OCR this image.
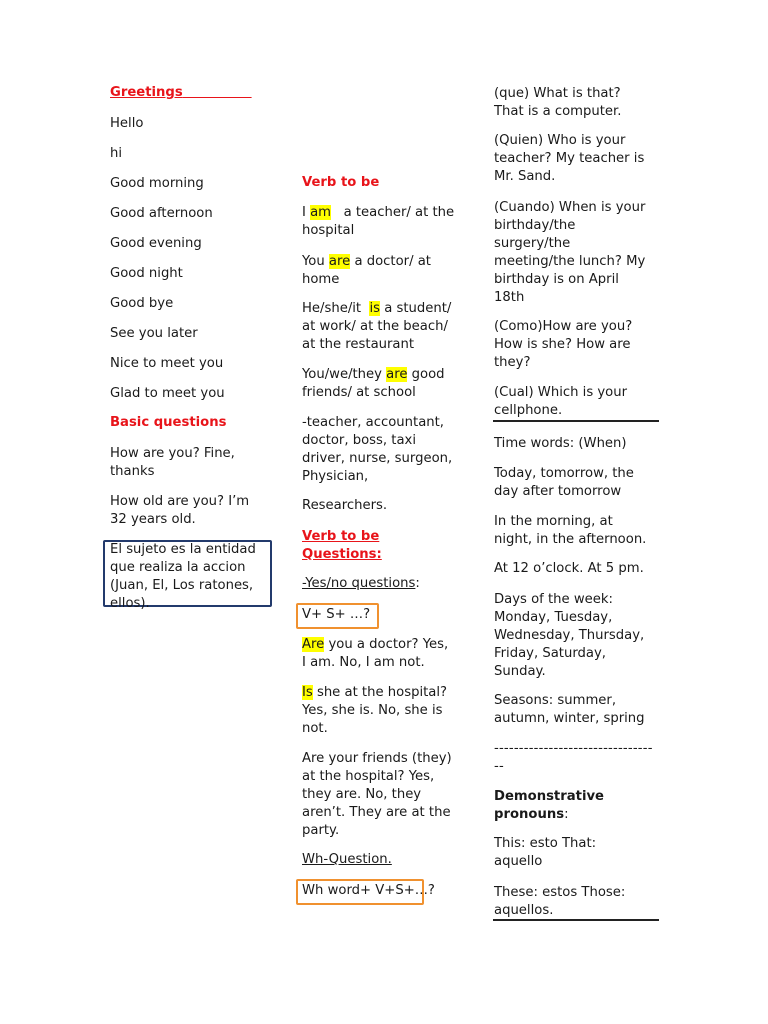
Greetings
Hello
hi
Good morning
Good afternoon
Good evening
Good night
Good bye
See you later
Nice to meet you
Glad to meet you
Basic questions
How are you? Fine,
thanks
How old are you? I’m
32 years old.
El sujeto es la entidad
que realiza la accion
(Juan, El, Los ratones,
ellos).
Verb to be
I am   a teacher/ at the
hospital
You are a doctor/ at
home
He/she/it  is a student/
at work/ at the beach/
at the restaurant
You/we/they are good
friends/ at school
-teacher, accountant,
doctor, boss, taxi
driver, nurse, surgeon,
Physician,
Researchers.
Verb to be
Questions:
-Yes/no questions:
V+ S+ …?
Are you a doctor? Yes,
I am. No, I am not.
Is she at the hospital?
Yes, she is. No, she is
not.
Are your friends (they)
at the hospital? Yes,
they are. No, they
aren’t. They are at the
party.
Wh-Question.
Wh word+ V+S+…?
(que) What is that?
That is a computer.
(Quien) Who is your
teacher? My teacher is
Mr. Sand.
(Cuando) When is your
birthday/the
surgery/the
meeting/the lunch? My
birthday is on April
18th
(Como)How are you?
How is she? How are
they?
(Cual) Which is your
cellphone.
Time words: (When)
Today, tomorrow, the
day after tomorrow
In the morning, at
night, in the afternoon.
At 12 o’clock. At 5 pm.
Days of the week:
Monday, Tuesday,
Wednesday, Thursday,
Friday, Saturday,
Sunday.
Seasons: summer,
autumn, winter, spring
--------------------------------
--
Demonstrative
pronouns:
This: esto That:
aquello
These: estos Those:
aquellos.
